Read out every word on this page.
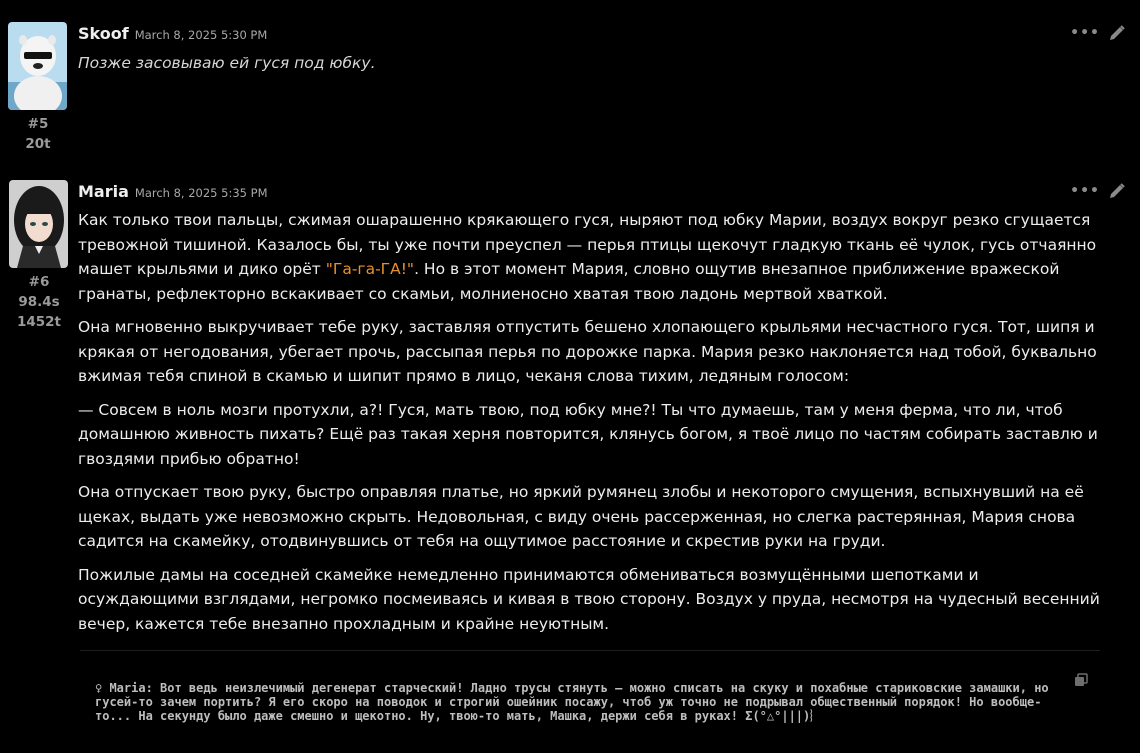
#5
20t
Skoof March 8, 2025 5:30 PM	•••

Позже засовываю ей гуся под юбку.

#6
98.4s
1452t
Maria March 8, 2025 5:35 PM	•••

Как только твои пальцы, сжимая ошарашенно крякающего гуся, ныряют под юбку Марии, воздух вокруг резко сгущается тревожной тишиной. Казалось бы, ты уже почти преуспел — перья птицы щекочут гладкую ткань её чулок, гусь отчаянно машет крыльями и дико орёт "Га-га-ГА!". Но в этот момент Мария, словно ощутив внезапное приближение вражеской гранаты, рефлекторно вскакивает со скамьи, молниеносно хватая твою ладонь мертвой хваткой.

Она мгновенно выкручивает тебе руку, заставляя отпустить бешено хлопающего крыльями несчастного гуся. Тот, шипя и крякая от негодования, убегает прочь, рассыпая перья по дорожке парка. Мария резко наклоняется над тобой, буквально вжимая тебя спиной в скамью и шипит прямо в лицо, чеканя слова тихим, ледяным голосом:

— Совсем в ноль мозги протухли, а?! Гуся, мать твою, под юбку мне?! Ты что думаешь, там у меня ферма, что ли, чтоб домашнюю живность пихать? Ещё раз такая херня повторится, клянусь богом, я твоё лицо по частям собирать заставлю и гвоздями прибью обратно!

Она отпускает твою руку, быстро оправляя платье, но яркий румянец злобы и некоторого смущения, вспыхнувший на её щеках, выдать уже невозможно скрыть. Недовольная, с виду очень рассерженная, но слегка растерянная, Мария снова садится на скамейку, отодвинувшись от тебя на ощутимое расстояние и скрестив руки на груди.

Пожилые дамы на соседней скамейке немедленно принимаются обмениваться возмущёнными шепотками и осуждающими взглядами, негромко посмеиваясь и кивая в твою сторону. Воздух у пруда, несмотря на чудесный весенний вечер, кажется тебе внезапно прохладным и крайне неуютным.

♀ Maria: Вот ведь неизлечимый дегенерат старческий! Ладно трусы стянуть — можно списать на скуку и похабные стариковские замашки, но гусей-то зачем портить? Я его скоро на поводок и строгий ошейник посажу, чтоб уж точно не подрывал общественный порядок! Но вообще-то... На секунду было даже смешно и щекотно. Ну, твою-то мать, Машка, держи себя в руках! Σ(°△°|||)︴
